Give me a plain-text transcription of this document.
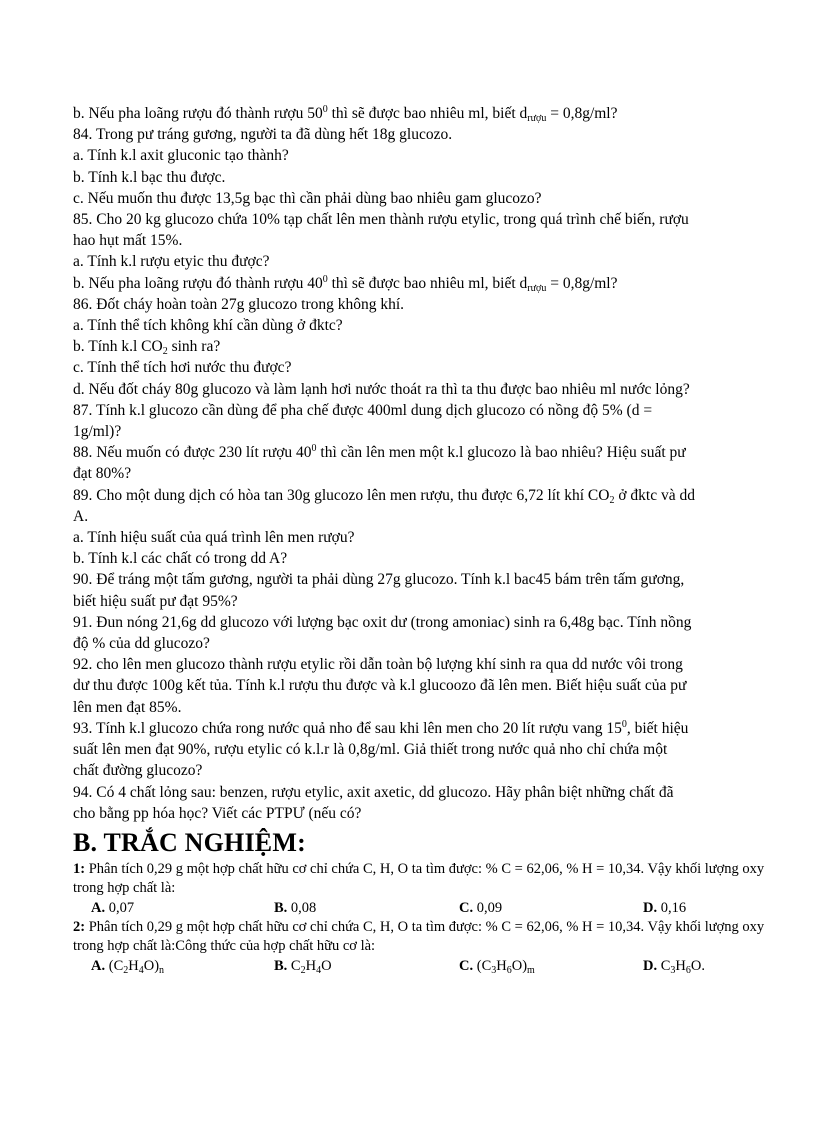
b. Nếu pha loãng rượu đó thành rượu $50^0$ thì sẽ được bao nhiêu ml, biết $d_{rượu} = 0,8g/ml$?
84. Trong pư tráng gương, người ta đã dùng hết 18g glucozo.
a. Tính k.l axit gluconic tạo thành?
b. Tính k.l bạc thu được.
c. Nếu muốn thu được 13,5g bạc thì cần phải dùng bao nhiêu gam glucozo?
85. Cho 20 kg glucozo chứa 10% tạp chất lên men thành rượu etylic, trong quá trình chế biến, rượu
hao hụt mất 15%.
a. Tính k.l rượu etyic thu được?
b. Nếu pha loãng rượu đó thành rượu $40^0$ thì sẽ được bao nhiêu ml, biết $d_{rượu} = 0,8g/ml$?
86. Đốt cháy hoàn toàn 27g glucozo trong không khí.
a. Tính thể tích không khí cần dùng ở đktc?
b. Tính k.l $CO_2$ sinh ra?
c. Tính thể tích hơi nước thu được?
d. Nếu đốt cháy 80g glucozo và làm lạnh hơi nước thoát ra thì ta thu được bao nhiêu ml nước lỏng?
87. Tính k.l glucozo cần dùng để pha chế được 400ml dung dịch glucozo có nồng độ 5% (d =
1g/ml)?
88. Nếu muốn có được 230 lít rượu $40^0$ thì cần lên men một k.l glucozo là bao nhiêu? Hiệu suất pư
đạt 80%?
89. Cho một dung dịch có hòa tan 30g glucozo lên men rượu, thu được 6,72 lít khí $CO_2$ ở đktc và dd
A.
a. Tính hiệu suất của quá trình lên men rượu?
b. Tính k.l các chất có trong dd A?
90. Để tráng một tấm gương, người ta phải dùng 27g glucozo. Tính k.l bac45 bám trên tấm gương,
biết hiệu suất pư đạt 95%?
91. Đun nóng 21,6g dd glucozo với lượng bạc oxit dư (trong amoniac) sinh ra 6,48g bạc. Tính nồng
độ % của dd glucozo?
92. cho lên men glucozo thành rượu etylic rồi dẫn toàn bộ lượng khí sinh ra qua dd nước vôi trong
dư thu được 100g kết tủa. Tính k.l rượu thu được và k.l glucoozo đã lên men. Biết hiệu suất của pư
lên men đạt 85%.
93. Tính k.l glucozo chứa rong nước quả nho để sau khi lên men cho 20 lít rượu vang $15^0$, biết hiệu
suất lên men đạt 90%, rượu etylic có k.l.r là 0,8g/ml. Giả thiết trong nước quả nho chỉ chứa một
chất đường glucozo?
94. Có 4 chất lỏng sau: benzen, rượu etylic, axit axetic, dd glucozo. Hãy phân biệt những chất đã
cho bằng pp hóa học? Viết các PTPƯ (nếu có?
B. TRẮC NGHIỆM:
1: Phân tích 0,29 g một hợp chất hữu cơ chỉ chứa C, H, O ta tìm được: % C = 62,06, % H = 10,34. Vậy khối lượng oxy trong hợp chất là:
A. 0,07	B. 0,08	C. 0,09	D. 0,16
2: Phân tích 0,29 g một hợp chất hữu cơ chỉ chứa C, H, O ta tìm được: % C = 62,06, % H = 10,34. Vậy khối lượng oxy trong hợp chất là:Công thức của hợp chất hữu cơ là:
A. $(C_2H_4O)_n$	B. $C_2H_4O$	C. $(C_3H_6O)_m$	D. $C_3H_6O$.
